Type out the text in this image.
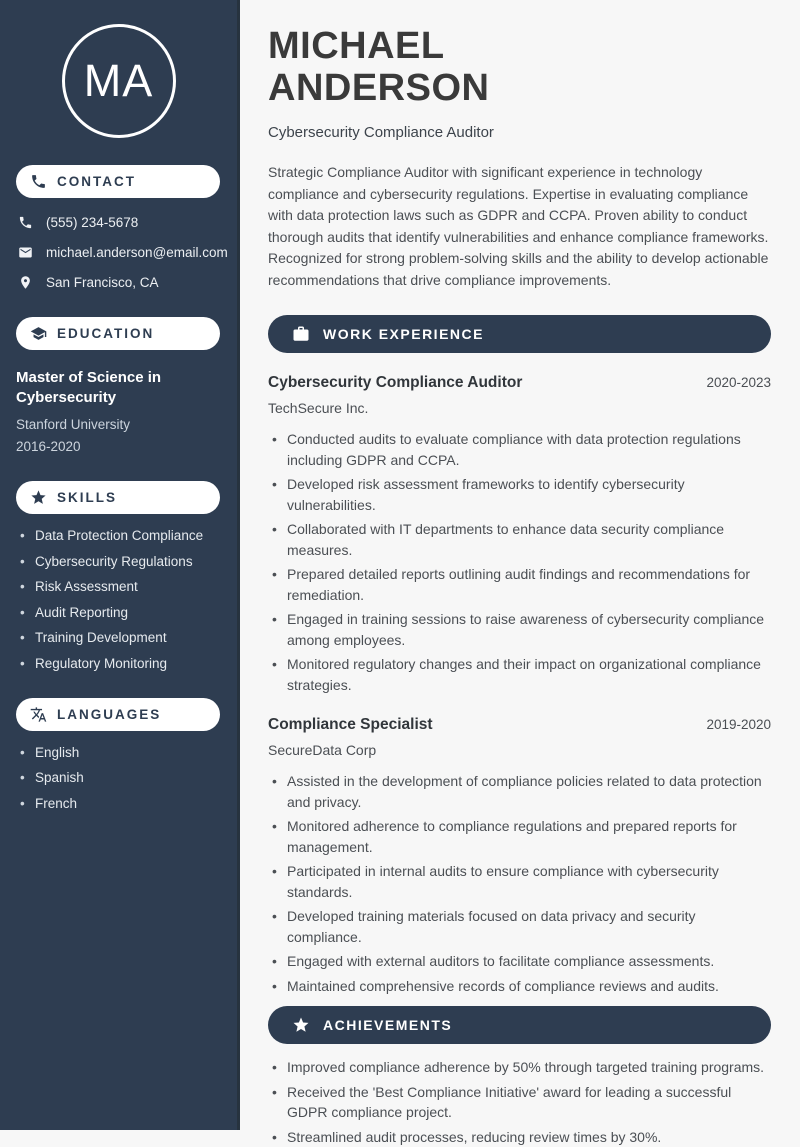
MA
CONTACT
(555) 234-5678
michael.anderson@email.com
San Francisco, CA
EDUCATION
Master of Science in Cybersecurity
Stanford University
2016-2020
SKILLS
• Data Protection Compliance
• Cybersecurity Regulations
• Risk Assessment
• Audit Reporting
• Training Development
• Regulatory Monitoring
LANGUAGES
• English
• Spanish
• French
MICHAEL
ANDERSON
Cybersecurity Compliance Auditor

Strategic Compliance Auditor with significant experience in technology compliance and cybersecurity regulations. Expertise in evaluating compliance with data protection laws such as GDPR and CCPA. Proven ability to conduct thorough audits that identify vulnerabilities and enhance compliance frameworks. Recognized for strong problem-solving skills and the ability to develop actionable recommendations that drive compliance improvements.

WORK EXPERIENCE
Cybersecurity Compliance Auditor	2020-2023
TechSecure Inc.
• Conducted audits to evaluate compliance with data protection regulations including GDPR and CCPA.
• Developed risk assessment frameworks to identify cybersecurity vulnerabilities.
• Collaborated with IT departments to enhance data security compliance measures.
• Prepared detailed reports outlining audit findings and recommendations for remediation.
• Engaged in training sessions to raise awareness of cybersecurity compliance among employees.
• Monitored regulatory changes and their impact on organizational compliance strategies.
Compliance Specialist	2019-2020
SecureData Corp
• Assisted in the development of compliance policies related to data protection and privacy.
• Monitored adherence to compliance regulations and prepared reports for management.
• Participated in internal audits to ensure compliance with cybersecurity standards.
• Developed training materials focused on data privacy and security compliance.
• Engaged with external auditors to facilitate compliance assessments.
• Maintained comprehensive records of compliance reviews and audits.
ACHIEVEMENTS
• Improved compliance adherence by 50% through targeted training programs.
• Received the 'Best Compliance Initiative' award for leading a successful GDPR compliance project.
• Streamlined audit processes, reducing review times by 30%.
